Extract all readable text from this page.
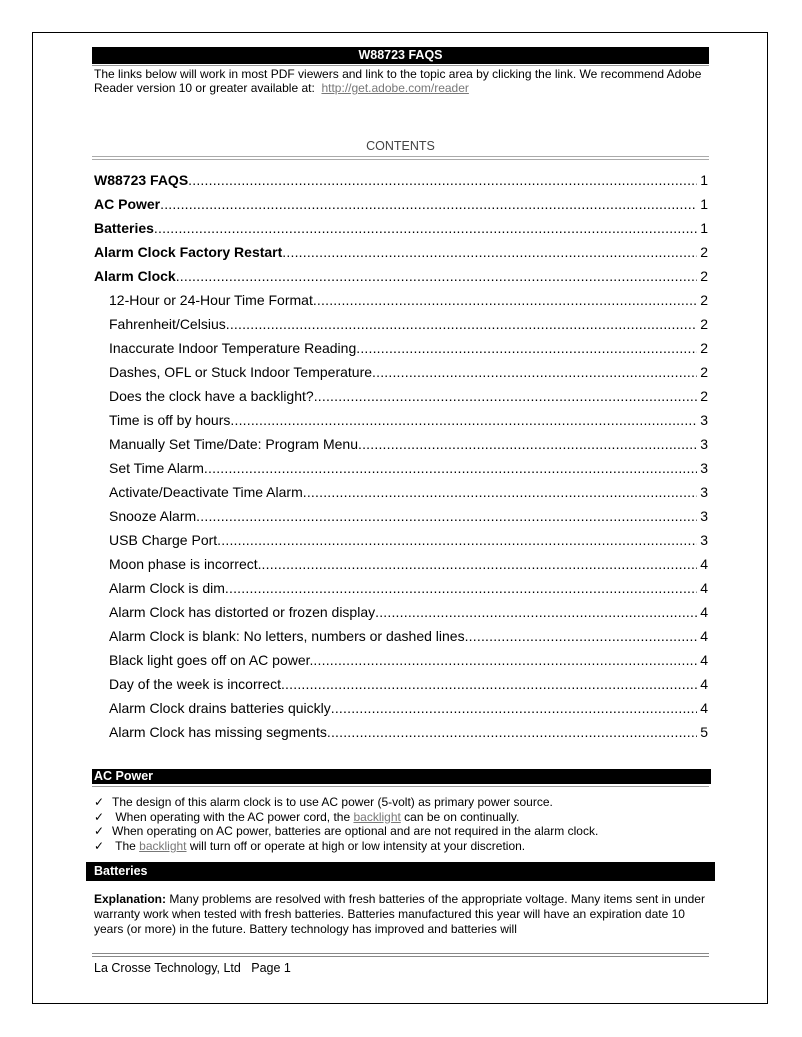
W88723 FAQS
The links below will work in most PDF viewers and link to the topic area by clicking the link. We recommend Adobe Reader version 10 or greater available at: http://get.adobe.com/reader
CONTENTS
W88723 FAQS .....	1
AC Power .....	1
Batteries .....	1
Alarm Clock Factory Restart .....	2
Alarm Clock .....	2
12-Hour or 24-Hour Time Format .....	2
Fahrenheit/Celsius .....	2
Inaccurate Indoor Temperature Reading .....	2
Dashes, OFL or Stuck Indoor Temperature .....	2
Does the clock have a backlight? .....	2
Time is off by hours .....	3
Manually Set Time/Date: Program Menu .....	3
Set Time Alarm .....	3
Activate/Deactivate Time Alarm .....	3
Snooze Alarm .....	3
USB Charge Port .....	3
Moon phase is incorrect. .....	4
Alarm Clock is dim .....	4
Alarm Clock has distorted or frozen display .....	4
Alarm Clock is blank: No letters, numbers or dashed lines .....	4
Black light goes off on AC power. .....	4
Day of the week is incorrect .....	4
Alarm Clock drains batteries quickly .....	4
Alarm Clock has missing segments .....	5
AC Power
✓ The design of this alarm clock is to use AC power (5-volt) as primary power source.
✓ When operating with the AC power cord, the backlight can be on continually.
✓ When operating on AC power, batteries are optional and are not required in the alarm clock.
✓ The backlight will turn off or operate at high or low intensity at your discretion.
Batteries
Explanation: Many problems are resolved with fresh batteries of the appropriate voltage. Many items sent in under warranty work when tested with fresh batteries. Batteries manufactured this year will have an expiration date 10 years (or more) in the future. Battery technology has improved and batteries will
La Crosse Technology, Ltd   Page 1
